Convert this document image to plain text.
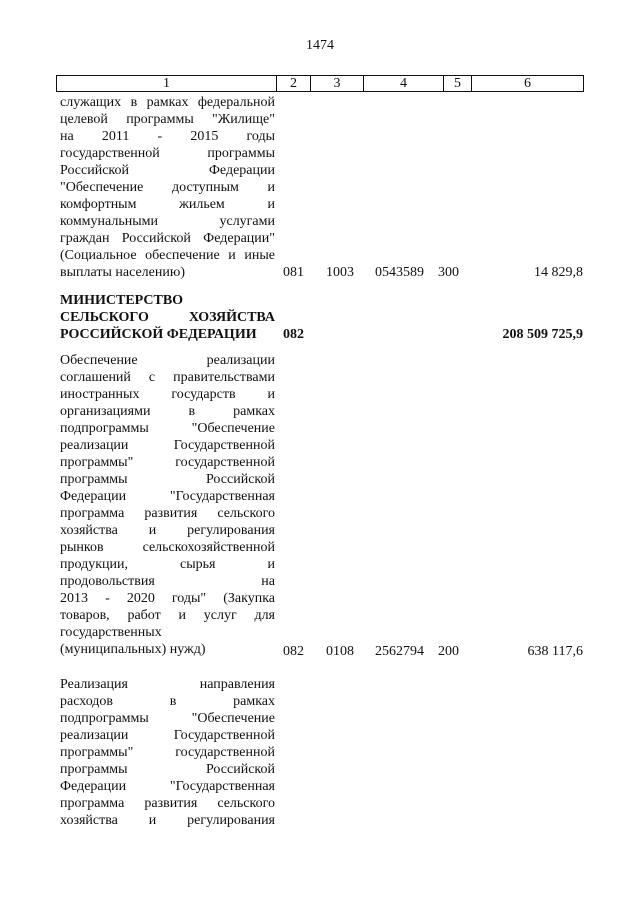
1474
1	2	3	4	5	6
служащих в рамках федеральной
целевой программы "Жилище"
на 2011 - 2015 годы
государственной программы
Российской Федерации
"Обеспечение доступным и
комфортным жильем и
коммунальными услугами
граждан Российской Федерации"
(Социальное обеспечение и иные
выплаты населению)	081 1003 0543589 300	14 829,8
МИНИСТЕРСТВО
СЕЛЬСКОГО ХОЗЯЙСТВА
РОССИЙСКОЙ ФЕДЕРАЦИИ	082	208 509 725,9
Обеспечение реализации
соглашений с правительствами
иностранных государств и
организациями в рамках
подпрограммы "Обеспечение
реализации Государственной
программы" государственной
программы Российской
Федерации "Государственная
программа развития сельского
хозяйства и регулирования
рынков сельскохозяйственной
продукции, сырья и
продовольствия на
2013 - 2020 годы" (Закупка
товаров, работ и услуг для
государственных
(муниципальных) нужд)	082 0108 2562794 200	638 117,6
Реализация направления
расходов в рамках
подпрограммы "Обеспечение
реализации Государственной
программы" государственной
программы Российской
Федерации "Государственная
программа развития сельского
хозяйства и регулирования
